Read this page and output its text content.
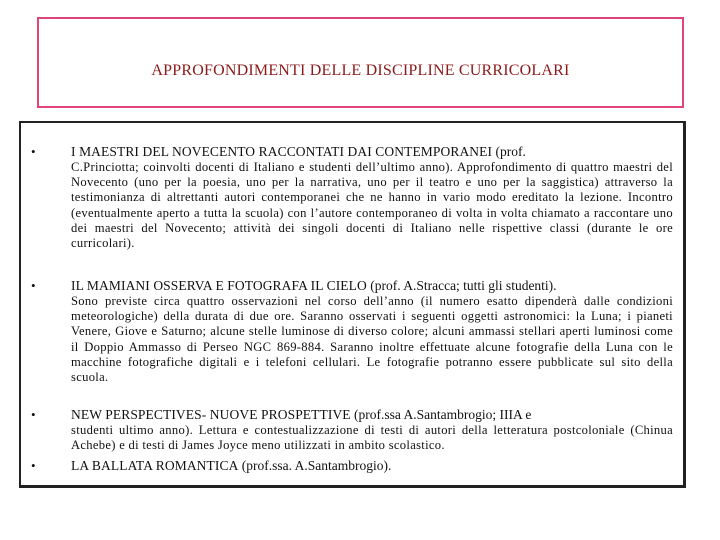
APPROFONDIMENTI DELLE DISCIPLINE CURRICOLARI
•	I MAESTRI DEL NOVECENTO RACCONTATI DAI CONTEMPORANEI (prof.
C.Princiotta; coinvolti docenti di Italiano e studenti dell’ultimo anno). Approfondimento di quattro maestri del Novecento (uno per la poesia, uno per la narrativa, uno per il teatro e uno per la saggistica) attraverso la testimonianza di altrettanti autori contemporanei che ne hanno in vario modo ereditato la lezione. Incontro (eventualmente aperto a tutta la scuola) con l’autore contemporaneo di volta in volta chiamato a raccontare uno dei maestri del Novecento; attività dei singoli docenti di Italiano nelle rispettive classi (durante le ore curricolari).
•	IL MAMIANI OSSERVA E FOTOGRAFA IL CIELO (prof. A.Stracca; tutti gli studenti).
Sono previste circa quattro osservazioni nel corso dell’anno (il numero esatto dipenderà dalle condizioni meteorologiche) della durata di due ore. Saranno osservati i seguenti oggetti astronomici: la Luna; i pianeti Venere, Giove e Saturno; alcune stelle luminose di diverso colore; alcuni ammassi stellari aperti luminosi come il Doppio Ammasso di Perseo NGC 869-884. Saranno inoltre effettuate alcune fotografie della Luna con le macchine fotografiche digitali e i telefoni cellulari. Le fotografie potranno essere pubblicate sul sito della scuola.
•	NEW PERSPECTIVES- NUOVE PROSPETTIVE (prof.ssa A.Santambrogio; IIIA e
studenti ultimo anno). Lettura e contestualizzazione di testi di autori della letteratura postcoloniale (Chinua Achebe) e di testi di James Joyce meno utilizzati in ambito scolastico.
•	LA BALLATA ROMANTICA (prof.ssa. A.Santambrogio).
